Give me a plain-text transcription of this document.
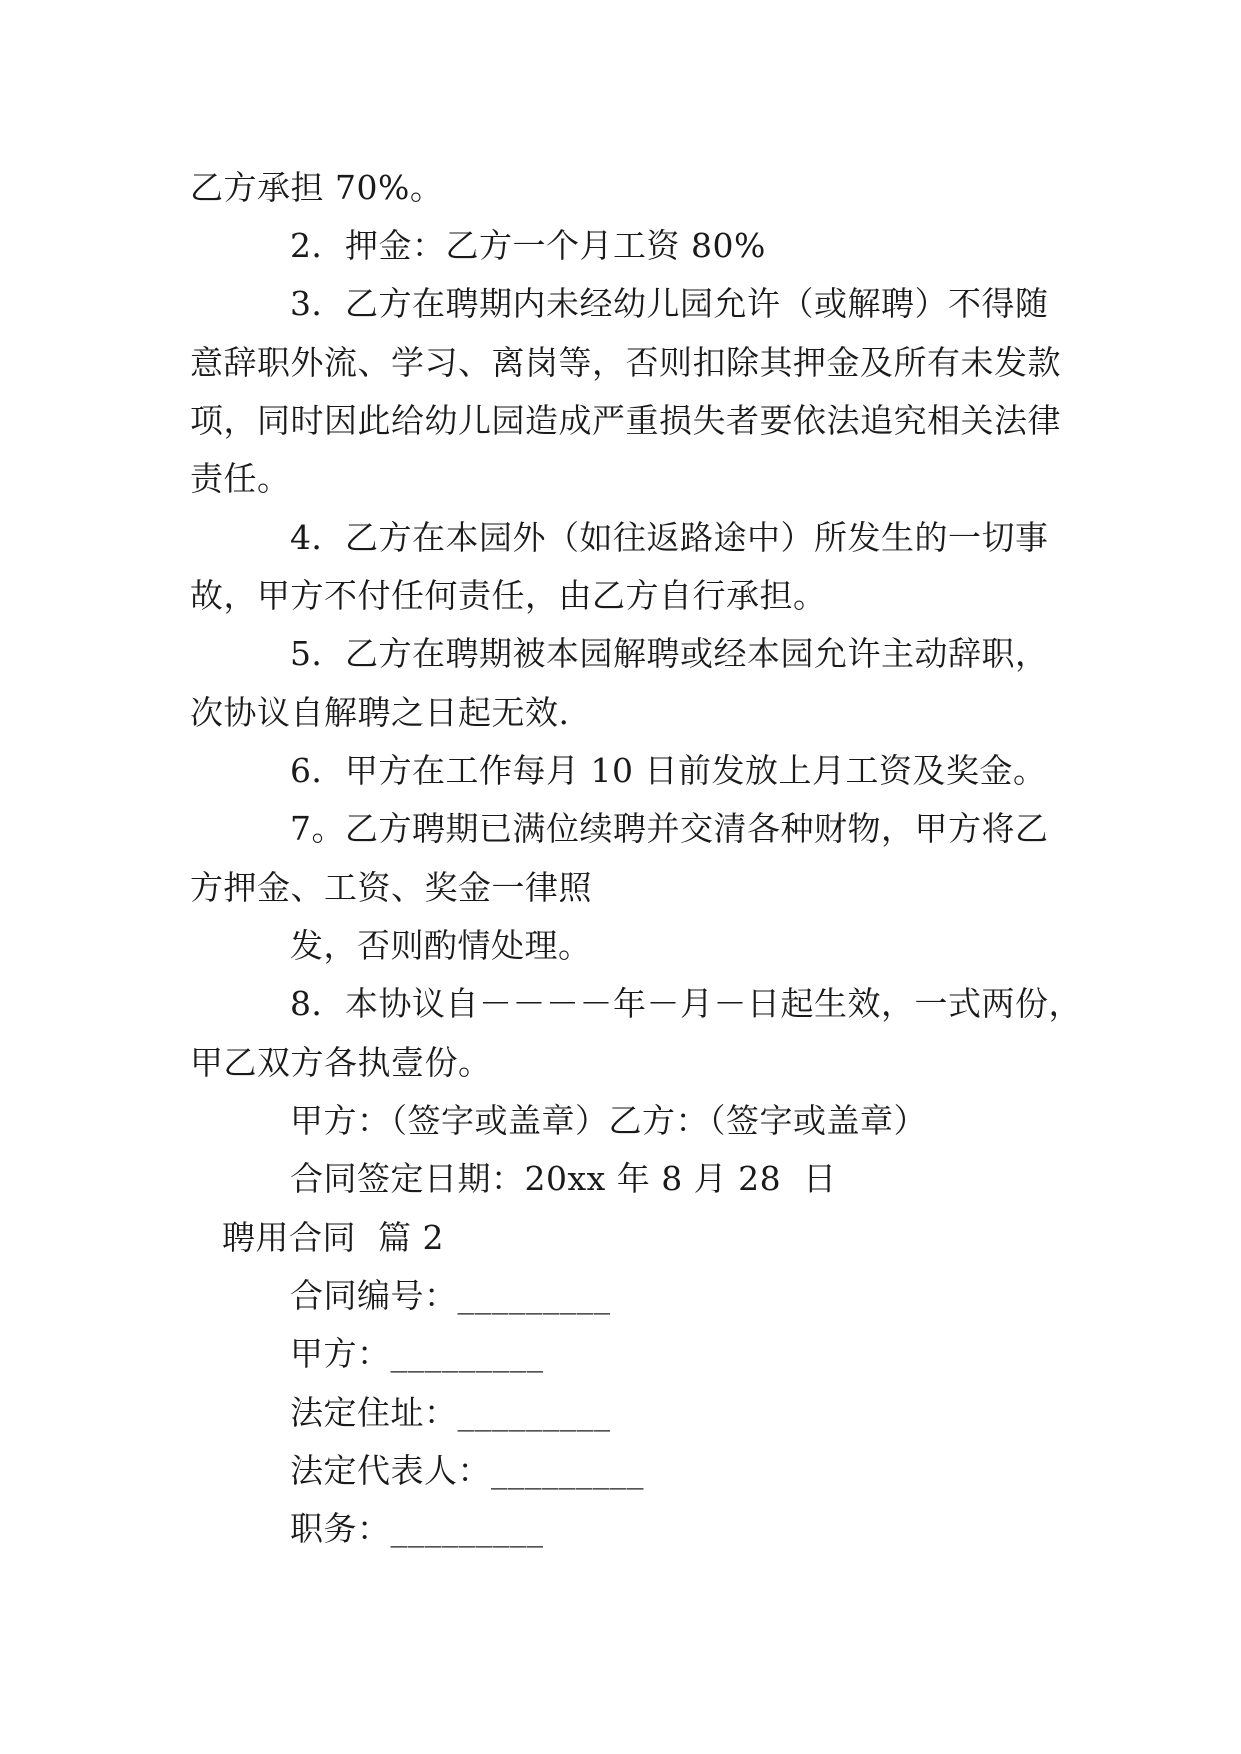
乙方承担 70%。
2．押金：乙方一个月工资 80%
3．乙方在聘期内未经幼儿园允许（或解聘）不得随
意辞职外流、学习、离岗等，否则扣除其押金及所有未发款
项，同时因此给幼儿园造成严重损失者要依法追究相关法律
责任。
4．乙方在本园外（如往返路途中）所发生的一切事
故，甲方不付任何责任，由乙方自行承担。
5．乙方在聘期被本园解聘或经本园允许主动辞职，
次协议自解聘之日起无效.
6．甲方在工作每月 10 日前发放上月工资及奖金。
7。乙方聘期已满位续聘并交清各种财物，甲方将乙
方押金、工资、奖金一律照
发，否则酌情处理。
8．本协议自－－－－年－月－日起生效，一式两份，
甲乙双方各执壹份。
甲方：（签字或盖章）乙方：（签字或盖章）
合同签定日期：20xx 年 8 月 28  日
聘用合同  篇 2
合同编号：_________
甲方：_________
法定住址：_________
法定代表人：_________
职务：_________
